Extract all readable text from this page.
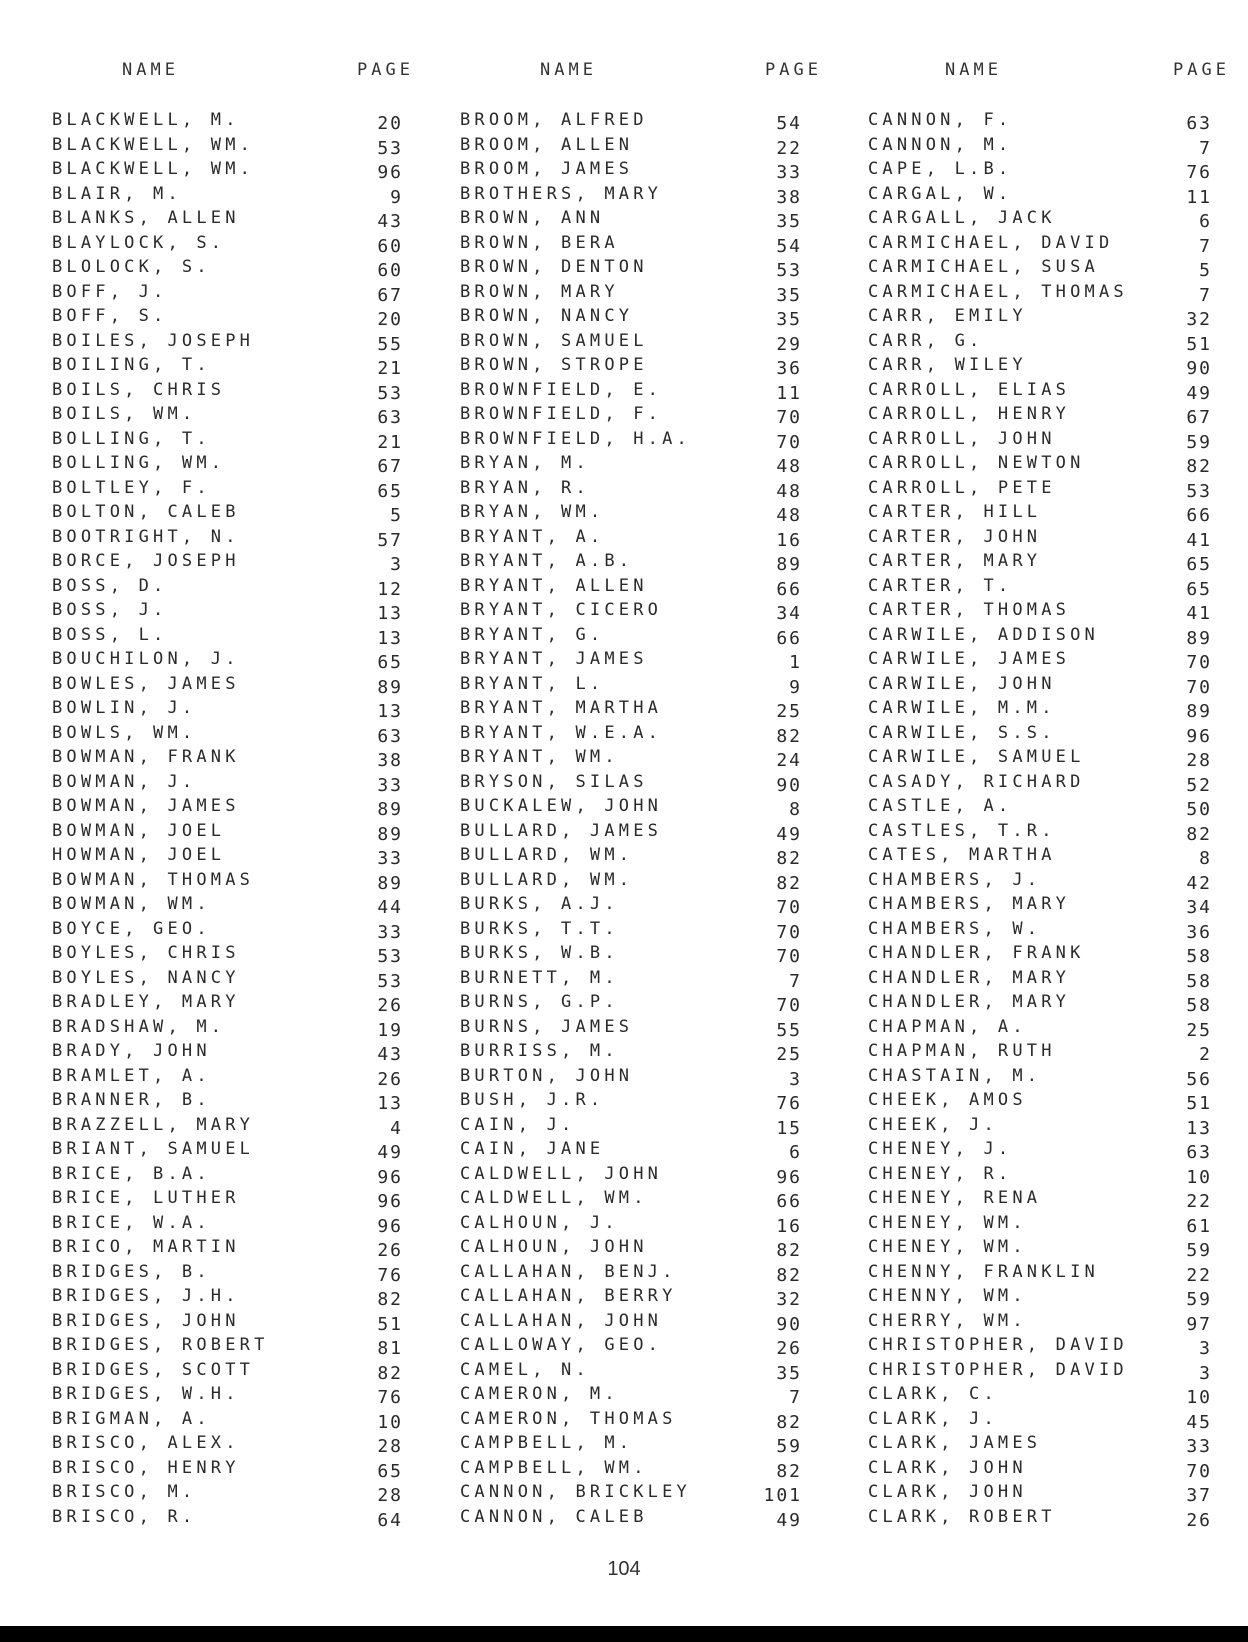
NAME	PAGE
BLACKWELL, M.	20
BLACKWELL, WM.	53
BLACKWELL, WM.	96
BLAIR, M.	9
BLANKS, ALLEN	43
BLAYLOCK, S.	60
BLOLOCK, S.	60
BOFF, J.	67
BOFF, S.	20
BOILES, JOSEPH	55
BOILING, T.	21
BOILS, CHRIS	53
BOILS, WM.	63
BOLLING, T.	21
BOLLING, WM.	67
BOLTLEY, F.	65
BOLTON, CALEB	5
BOOTRIGHT, N.	57
BORCE, JOSEPH	3
BOSS, D.	12
BOSS, J.	13
BOSS, L.	13
BOUCHILON, J.	65
BOWLES, JAMES	89
BOWLIN, J.	13
BOWLS, WM.	63
BOWMAN, FRANK	38
BOWMAN, J.	33
BOWMAN, JAMES	89
BOWMAN, JOEL	89
HOWMAN, JOEL	33
BOWMAN, THOMAS	89
BOWMAN, WM.	44
BOYCE, GEO.	33
BOYLES, CHRIS	53
BOYLES, NANCY	53
BRADLEY, MARY	26
BRADSHAW, M.	19
BRADY, JOHN	43
BRAMLET, A.	26
BRANNER, B.	13
BRAZZELL, MARY	4
BRIANT, SAMUEL	49
BRICE, B.A.	96
BRICE, LUTHER	96
BRICE, W.A.	96
BRICO, MARTIN	26
BRIDGES, B.	76
BRIDGES, J.H.	82
BRIDGES, JOHN	51
BRIDGES, ROBERT	81
BRIDGES, SCOTT	82
BRIDGES, W.H.	76
BRIGMAN, A.	10
BRISCO, ALEX.	28
BRISCO, HENRY	65
BRISCO, M.	28
BRISCO, R.	64
NAME	PAGE
BROOM, ALFRED	54
BROOM, ALLEN	22
BROOM, JAMES	33
BROTHERS, MARY	38
BROWN, ANN	35
BROWN, BERA	54
BROWN, DENTON	53
BROWN, MARY	35
BROWN, NANCY	35
BROWN, SAMUEL	29
BROWN, STROPE	36
BROWNFIELD, E.	11
BROWNFIELD, F.	70
BROWNFIELD, H.A.	70
BRYAN, M.	48
BRYAN, R.	48
BRYAN, WM.	48
BRYANT, A.	16
BRYANT, A.B.	89
BRYANT, ALLEN	66
BRYANT, CICERO	34
BRYANT, G.	66
BRYANT, JAMES	1
BRYANT, L.	9
BRYANT, MARTHA	25
BRYANT, W.E.A.	82
BRYANT, WM.	24
BRYSON, SILAS	90
BUCKALEW, JOHN	8
BULLARD, JAMES	49
BULLARD, WM.	82
BULLARD, WM.	82
BURKS, A.J.	70
BURKS, T.T.	70
BURKS, W.B.	70
BURNETT, M.	7
BURNS, G.P.	70
BURNS, JAMES	55
BURRISS, M.	25
BURTON, JOHN	3
BUSH, J.R.	76
CAIN, J.	15
CAIN, JANE	6
CALDWELL, JOHN	96
CALDWELL, WM.	66
CALHOUN, J.	16
CALHOUN, JOHN	82
CALLAHAN, BENJ.	82
CALLAHAN, BERRY	32
CALLAHAN, JOHN	90
CALLOWAY, GEO.	26
CAMEL, N.	35
CAMERON, M.	7
CAMERON, THOMAS	82
CAMPBELL, M.	59
CAMPBELL, WM.	82
CANNON, BRICKLEY	101
CANNON, CALEB	49
NAME	PAGE
CANNON, F.	63
CANNON, M.	7
CAPE, L.B.	76
CARGAL, W.	11
CARGALL, JACK	6
CARMICHAEL, DAVID	7
CARMICHAEL, SUSA	5
CARMICHAEL, THOMAS	7
CARR, EMILY	32
CARR, G.	51
CARR, WILEY	90
CARROLL, ELIAS	49
CARROLL, HENRY	67
CARROLL, JOHN	59
CARROLL, NEWTON	82
CARROLL, PETE	53
CARTER, HILL	66
CARTER, JOHN	41
CARTER, MARY	65
CARTER, T.	65
CARTER, THOMAS	41
CARWILE, ADDISON	89
CARWILE, JAMES	70
CARWILE, JOHN	70
CARWILE, M.M.	89
CARWILE, S.S.	96
CARWILE, SAMUEL	28
CASADY, RICHARD	52
CASTLE, A.	50
CASTLES, T.R.	82
CATES, MARTHA	8
CHAMBERS, J.	42
CHAMBERS, MARY	34
CHAMBERS, W.	36
CHANDLER, FRANK	58
CHANDLER, MARY	58
CHANDLER, MARY	58
CHAPMAN, A.	25
CHAPMAN, RUTH	2
CHASTAIN, M.	56
CHEEK, AMOS	51
CHEEK, J.	13
CHENEY, J.	63
CHENEY, R.	10
CHENEY, RENA	22
CHENEY, WM.	61
CHENEY, WM.	59
CHENNY, FRANKLIN	22
CHENNY, WM.	59
CHERRY, WM.	97
CHRISTOPHER, DAVID	3
CHRISTOPHER, DAVID	3
CLARK, C.	10
CLARK, J.	45
CLARK, JAMES	33
CLARK, JOHN	70
CLARK, JOHN	37
CLARK, ROBERT	26
104
